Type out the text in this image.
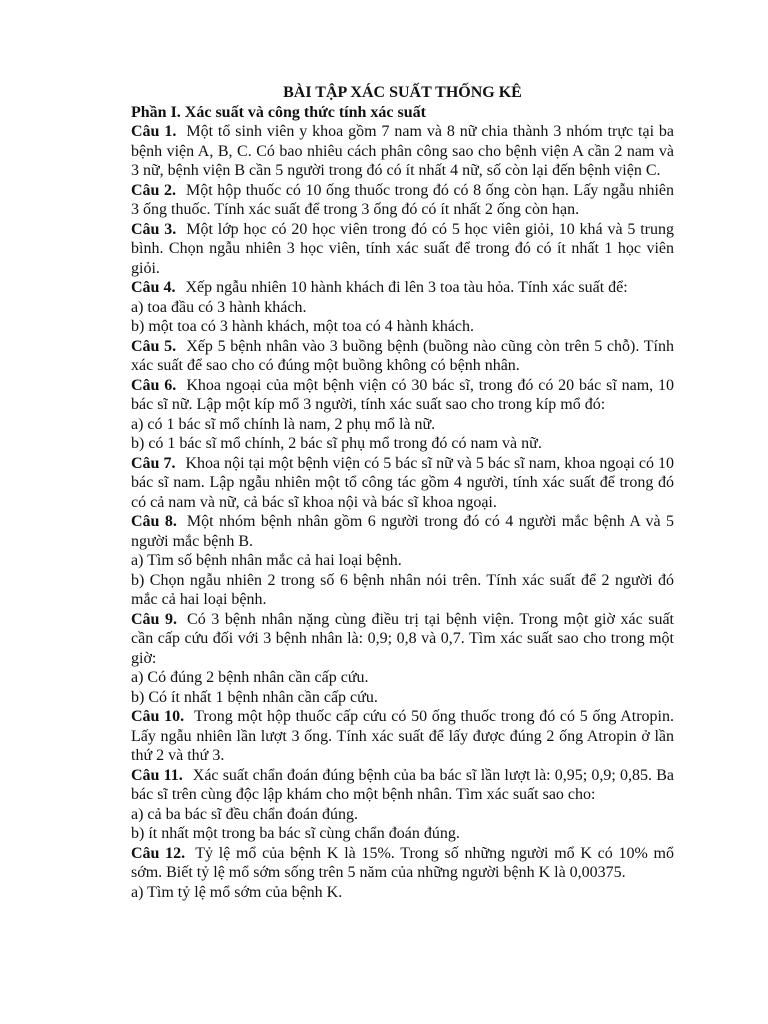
BÀI TẬP XÁC SUẤT THỐNG KÊ
Phần I. Xác suất và công thức tính xác suất

Câu 1. Một tổ sinh viên y khoa gồm 7 nam và 8 nữ chia thành 3 nhóm trực tại ba bệnh viện A, B, C. Có bao nhiêu cách phân công sao cho bệnh viện A cần 2 nam và 3 nữ, bệnh viện B cần 5 người trong đó có ít nhất 4 nữ, số còn lại đến bệnh viện C.

Câu 2. Một hộp thuốc có 10 ống thuốc trong đó có 8 ống còn hạn. Lấy ngẫu nhiên 3 ống thuốc. Tính xác suất để trong 3 ống đó có ít nhất 2 ống còn hạn.

Câu 3. Một lớp học có 20 học viên trong đó có 5 học viên giỏi, 10 khá và 5 trung bình. Chọn ngẫu nhiên 3 học viên, tính xác suất để trong đó có ít nhất 1 học viên giỏi.

Câu 4. Xếp ngẫu nhiên 10 hành khách đi lên 3 toa tàu hỏa. Tính xác suất để:

a) toa đầu có 3 hành khách.

b) một toa có 3 hành khách, một toa có 4 hành khách.

Câu 5. Xếp 5 bệnh nhân vào 3 buồng bệnh (buồng nào cũng còn trên 5 chỗ). Tính xác suất để sao cho có đúng một buồng không có bệnh nhân.

Câu 6. Khoa ngoại của một bệnh viện có 30 bác sĩ, trong đó có 20 bác sĩ nam, 10 bác sĩ nữ. Lập một kíp mổ 3 người, tính xác suất sao cho trong kíp mổ đó:

a) có 1 bác sĩ mổ chính là nam, 2 phụ mổ là nữ.

b) có 1 bác sĩ mổ chính, 2 bác sĩ phụ mổ trong đó có nam và nữ.

Câu 7. Khoa nội tại một bệnh viện có 5 bác sĩ nữ và 5 bác sĩ nam, khoa ngoại có 10 bác sĩ nam. Lập ngẫu nhiên một tổ công tác gồm 4 người, tính xác suất để trong đó có cả nam và nữ, cả bác sĩ khoa nội và bác sĩ khoa ngoại.

Câu 8. Một nhóm bệnh nhân gồm 6 người trong đó có 4 người mắc bệnh A và 5 người mắc bệnh B.

a) Tìm số bệnh nhân mắc cả hai loại bệnh.

b) Chọn ngẫu nhiên 2 trong số 6 bệnh nhân nói trên. Tính xác suất để 2 người đó mắc cả hai loại bệnh.

Câu 9. Có 3 bệnh nhân nặng cùng điều trị tại bệnh viện. Trong một giờ xác suất cần cấp cứu đối với 3 bệnh nhân là: 0,9; 0,8 và 0,7. Tìm xác suất sao cho trong một giờ:

a) Có đúng 2 bệnh nhân cần cấp cứu.

b) Có ít nhất 1 bệnh nhân cần cấp cứu.

Câu 10. Trong một hộp thuốc cấp cứu có 50 ống thuốc trong đó có 5 ống Atropin. Lấy ngẫu nhiên lần lượt 3 ống. Tính xác suất để lấy được đúng 2 ống Atropin ở lần thứ 2 và thứ 3.

Câu 11. Xác suất chẩn đoán đúng bệnh của ba bác sĩ lần lượt là: 0,95; 0,9; 0,85. Ba bác sĩ trên cùng độc lập khám cho một bệnh nhân. Tìm xác suất sao cho:

a) cả ba bác sĩ đều chẩn đoán đúng.

b) ít nhất một trong ba bác sĩ cùng chẩn đoán đúng.

Câu 12. Tỷ lệ mổ của bệnh K là 15%. Trong số những người mổ K có 10% mổ sớm. Biết tỷ lệ mổ sớm sống trên 5 năm của những người bệnh K là 0,00375.

a) Tìm tỷ lệ mổ sớm của bệnh K.
